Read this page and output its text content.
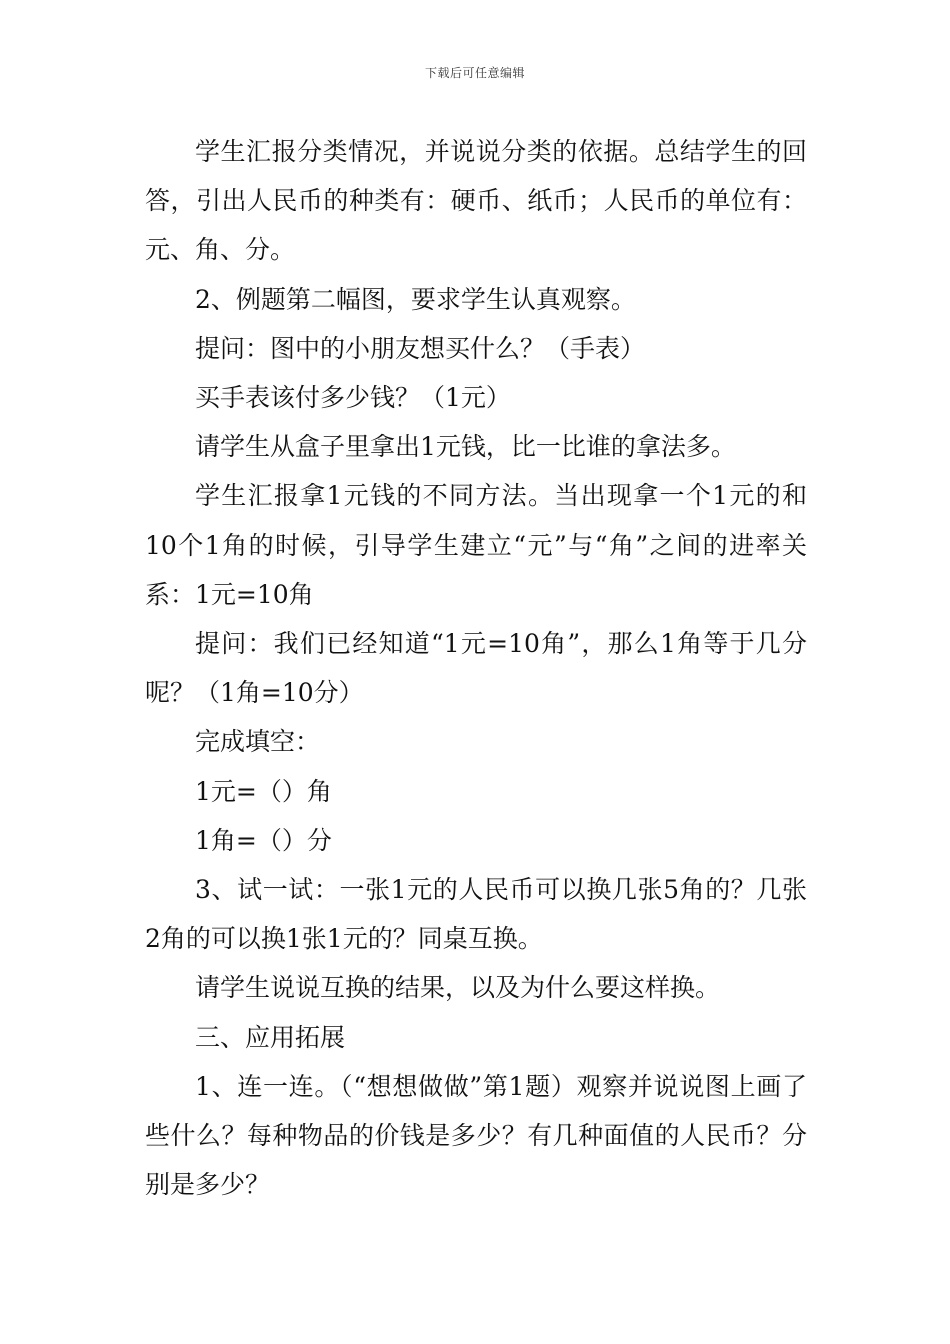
下载后可任意编辑

学生汇报分类情况，并说说分类的依据。总结学生的回答，引出人民币的种类有：硬币、纸币；人民币的单位有：元、角、分。

2、例题第二幅图，要求学生认真观察。

提问：图中的小朋友想买什么？（手表）

买手表该付多少钱？（1元）

请学生从盒子里拿出1元钱，比一比谁的拿法多。

学生汇报拿1元钱的不同方法。当出现拿一个1元的和10个1角的时候，引导学生建立“元”与“角”之间的进率关系：1元=10角

提问：我们已经知道“1元=10角”，那么1角等于几分呢？（1角=10分）

完成填空：

1元=（）角

1角=（）分

3、试一试：一张1元的人民币可以换几张5角的？几张2角的可以换1张1元的？同桌互换。

请学生说说互换的结果，以及为什么要这样换。

三、应用拓展

1、连一连。（“想想做做”第1题）观察并说说图上画了些什么？每种物品的价钱是多少？有几种面值的人民币？分别是多少？
